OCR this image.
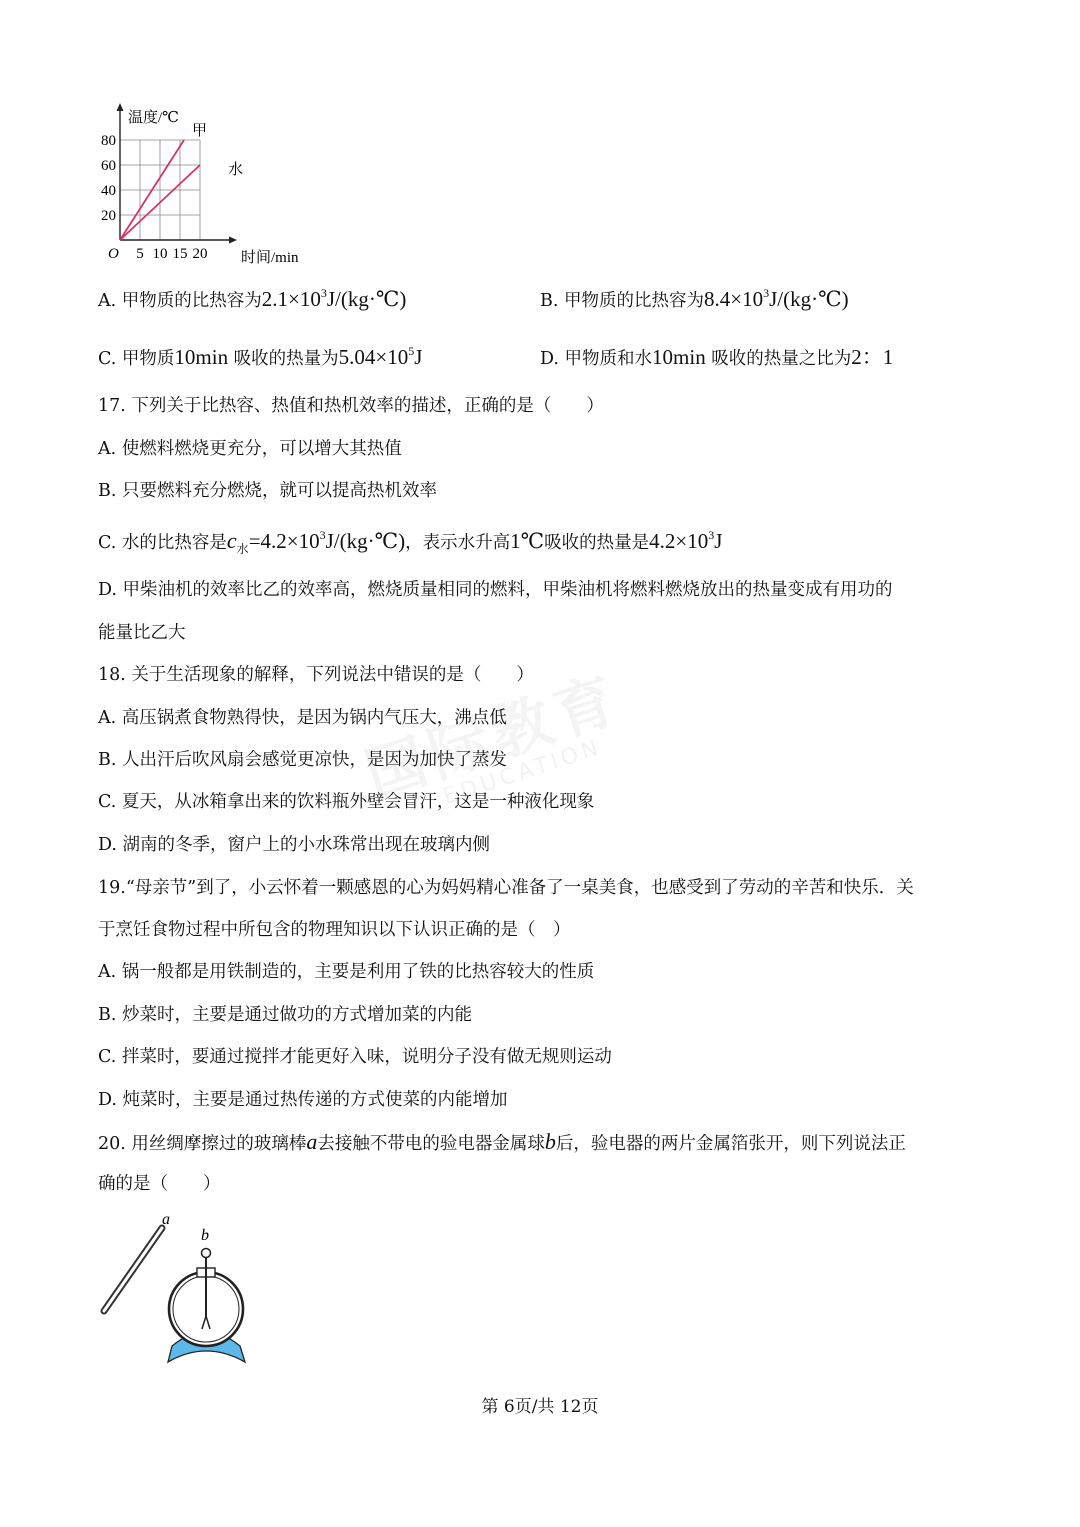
EDUCATION
温度/℃
时间/min
O
20
40
60
80
5 10 15 20
甲
水
A. 甲物质的比热容为$2.1\times 10^3J/(kg\cdot℃)$	B. 甲物质的比热容为$8.4\times 10^3J/(kg\cdot℃)$
C. 甲物质10min 吸收的热量为$5.04\times 10^5J$	D. 甲物质和水10min 吸收的热量之比为2：1
17. 下列关于比热容、热值和热机效率的描述，正确的是（　　）
A. 使燃料燃烧更充分，可以增大其热值
B. 只要燃料充分燃烧，就可以提高热机效率
C. 水的比热容是$c_水=4.2\times 10^3J/(kg\cdot℃)$，表示水升高1℃吸收的热量是$4.2\times 10^3J$
D. 甲柴油机的效率比乙的效率高，燃烧质量相同的燃料，甲柴油机将燃料燃烧放出的热量变成有用功的
能量比乙大
18. 关于生活现象的解释，下列说法中错误的是（　　）
A. 高压锅煮食物熟得快，是因为锅内气压大，沸点低
B. 人出汗后吹风扇会感觉更凉快，是因为加快了蒸发
C. 夏天，从冰箱拿出来的饮料瓶外壁会冒汗，这是一种液化现象
D. 湖南的冬季，窗户上的小水珠常出现在玻璃内侧
19.“母亲节”到了，小云怀着一颗感恩的心为妈妈精心准备了一桌美食，也感受到了劳动的辛苦和快乐．关
于烹饪食物过程中所包含的物理知识以下认识正确的是（　）
A. 锅一般都是用铁制造的，主要是利用了铁的比热容较大的性质
B. 炒菜时，主要是通过做功的方式增加菜的内能
C. 拌菜时，要通过搅拌才能更好入味，说明分子没有做无规则运动
D. 炖菜时，主要是通过热传递的方式使菜的内能增加
20. 用丝绸摩擦过的玻璃棒a去接触不带电的验电器金属球b后，验电器的两片金属箔张开，则下列说法正
确的是（　　）
a
b
第 6页/共 12页
